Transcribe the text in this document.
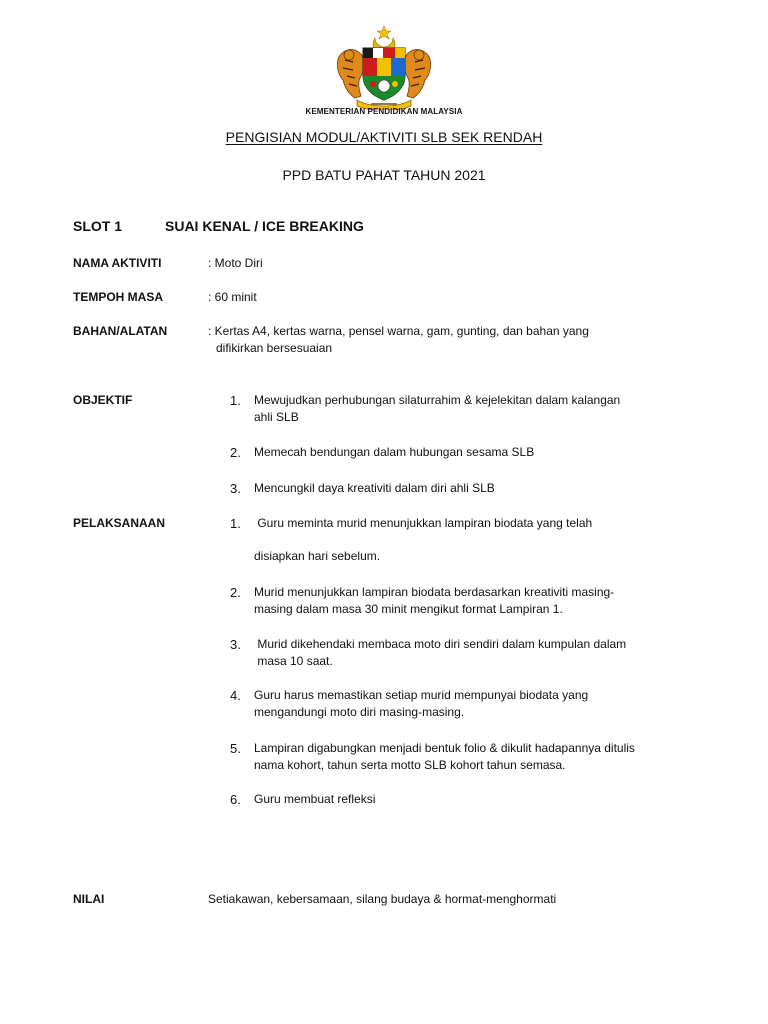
KEMENTERIAN PENDIDIKAN MALAYSIA
PENGISIAN MODUL/AKTIVITI SLB SEK RENDAH
PPD BATU PAHAT TAHUN 2021
SLOT 1	SUAI KENAL / ICE BREAKING
NAMA AKTIVITI	: Moto Diri
TEMPOH MASA	: 60 minit
BAHAN/ALATAN	: Kertas A4, kertas warna, pensel warna, gam, gunting, dan bahan yang
difikirkan bersesuaian
OBJEKTIF	1.	Mewujudkan perhubungan silaturrahim & kejelekitan dalam kalangan
ahli SLB
2.	Memecah bendungan dalam hubungan sesama SLB
3.	Mencungkil daya kreativiti dalam diri ahli SLB
PELAKSANAAN	1.	Guru meminta murid menunjukkan lampiran biodata yang telah
disiapkan hari sebelum.
2.	Murid menunjukkan lampiran biodata berdasarkan kreativiti masing-
masing dalam masa 30 minit mengikut format Lampiran 1.
3.	Murid dikehendaki membaca moto diri sendiri dalam kumpulan dalam
masa 10 saat.
4.	Guru harus memastikan setiap murid mempunyai biodata yang
mengandungi moto diri masing-masing.
5.	Lampiran digabungkan menjadi bentuk folio & dikulit hadapannya ditulis
nama kohort, tahun serta motto SLB kohort tahun semasa.
6.	Guru membuat refleksi
NILAI	Setiakawan, kebersamaan, silang budaya & hormat-menghormati
